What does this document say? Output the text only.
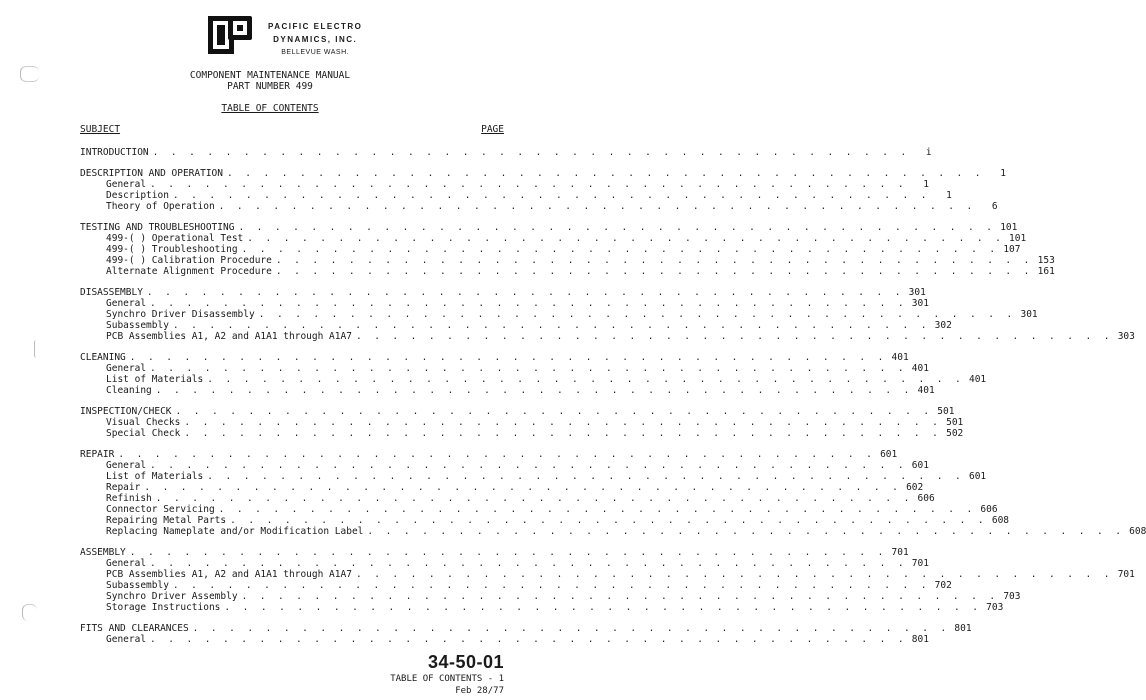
PACIFIC ELECTRO
DYNAMICS, INC.
BELLEVUE WASH.
COMPONENT MAINTENANCE MANUAL
PART NUMBER 499
TABLE OF CONTENTS
SUBJECT	PAGE
INTRODUCTION . . . . . . . . . . . . . . . . . . . . . . . . . . . . . . . . . . . . . . . . . .	i
DESCRIPTION AND OPERATION . . . . . . . . . . . . . . . . . . . . . . . . . . . . . . . . . . . . . . . . . .	1
General . . . . . . . . . . . . . . . . . . . . . . . . . . . . . . . . . . . . . . . . . .	1
Description . . . . . . . . . . . . . . . . . . . . . . . . . . . . . . . . . . . . . . . . . .	1
Theory of Operation . . . . . . . . . . . . . . . . . . . . . . . . . . . . . . . . . . . . . . . . . .	6
TESTING AND TROUBLESHOOTING . . . . . . . . . . . . . . . . . . . . . . . . . . . . . . . . . . . . . . . . . . 101
499-( ) Operational Test . . . . . . . . . . . . . . . . . . . . . . . . . . . . . . . . . . . . . . . . . . 101
499-( ) Troubleshooting . . . . . . . . . . . . . . . . . . . . . . . . . . . . . . . . . . . . . . . . . . 107
499-( ) Calibration Procedure . . . . . . . . . . . . . . . . . . . . . . . . . . . . . . . . . . . . . . . . . . 153
Alternate Alignment Procedure . . . . . . . . . . . . . . . . . . . . . . . . . . . . . . . . . . . . . . . . . . 161
DISASSEMBLY . . . . . . . . . . . . . . . . . . . . . . . . . . . . . . . . . . . . . . . . . . 301
General . . . . . . . . . . . . . . . . . . . . . . . . . . . . . . . . . . . . . . . . . . 301
Synchro Driver Disassembly . . . . . . . . . . . . . . . . . . . . . . . . . . . . . . . . . . . . . . . . . . 301
Subassembly . . . . . . . . . . . . . . . . . . . . . . . . . . . . . . . . . . . . . . . . . . 302
PCB Assemblies A1, A2 and A1A1 through A1A7 . . . . . . . . . . . . . . . . . . . . . . . . . . . . . . . . . . . . . . . . . . 303
CLEANING . . . . . . . . . . . . . . . . . . . . . . . . . . . . . . . . . . . . . . . . . . 401
General . . . . . . . . . . . . . . . . . . . . . . . . . . . . . . . . . . . . . . . . . . 401
List of Materials . . . . . . . . . . . . . . . . . . . . . . . . . . . . . . . . . . . . . . . . . . 401
Cleaning . . . . . . . . . . . . . . . . . . . . . . . . . . . . . . . . . . . . . . . . . . 401
INSPECTION/CHECK . . . . . . . . . . . . . . . . . . . . . . . . . . . . . . . . . . . . . . . . . . 501
Visual Checks . . . . . . . . . . . . . . . . . . . . . . . . . . . . . . . . . . . . . . . . . . 501
Special Check . . . . . . . . . . . . . . . . . . . . . . . . . . . . . . . . . . . . . . . . . . 502
REPAIR . . . . . . . . . . . . . . . . . . . . . . . . . . . . . . . . . . . . . . . . . . 601
General . . . . . . . . . . . . . . . . . . . . . . . . . . . . . . . . . . . . . . . . . . 601
List of Materials . . . . . . . . . . . . . . . . . . . . . . . . . . . . . . . . . . . . . . . . . . 601
Repair . . . . . . . . . . . . . . . . . . . . . . . . . . . . . . . . . . . . . . . . . . 602
Refinish . . . . . . . . . . . . . . . . . . . . . . . . . . . . . . . . . . . . . . . . . . 606
Connector Servicing . . . . . . . . . . . . . . . . . . . . . . . . . . . . . . . . . . . . . . . . . . 606
Repairing Metal Parts . . . . . . . . . . . . . . . . . . . . . . . . . . . . . . . . . . . . . . . . . . 608
Replacing Nameplate and/or Modification Label . . . . . . . . . . . . . . . . . . . . . . . . . . . . . . . . . . . . . . . . . . 608
ASSEMBLY . . . . . . . . . . . . . . . . . . . . . . . . . . . . . . . . . . . . . . . . . . 701
General . . . . . . . . . . . . . . . . . . . . . . . . . . . . . . . . . . . . . . . . . . 701
PCB Assemblies A1, A2 and A1A1 through A1A7 . . . . . . . . . . . . . . . . . . . . . . . . . . . . . . . . . . . . . . . . . . 701
Subassembly . . . . . . . . . . . . . . . . . . . . . . . . . . . . . . . . . . . . . . . . . . 702
Synchro Driver Assembly . . . . . . . . . . . . . . . . . . . . . . . . . . . . . . . . . . . . . . . . . . 703
Storage Instructions . . . . . . . . . . . . . . . . . . . . . . . . . . . . . . . . . . . . . . . . . . 703
FITS AND CLEARANCES . . . . . . . . . . . . . . . . . . . . . . . . . . . . . . . . . . . . . . . . . . 801
General . . . . . . . . . . . . . . . . . . . . . . . . . . . . . . . . . . . . . . . . . . 801
34-50-01
TABLE OF CONTENTS - 1
Feb 28/77
